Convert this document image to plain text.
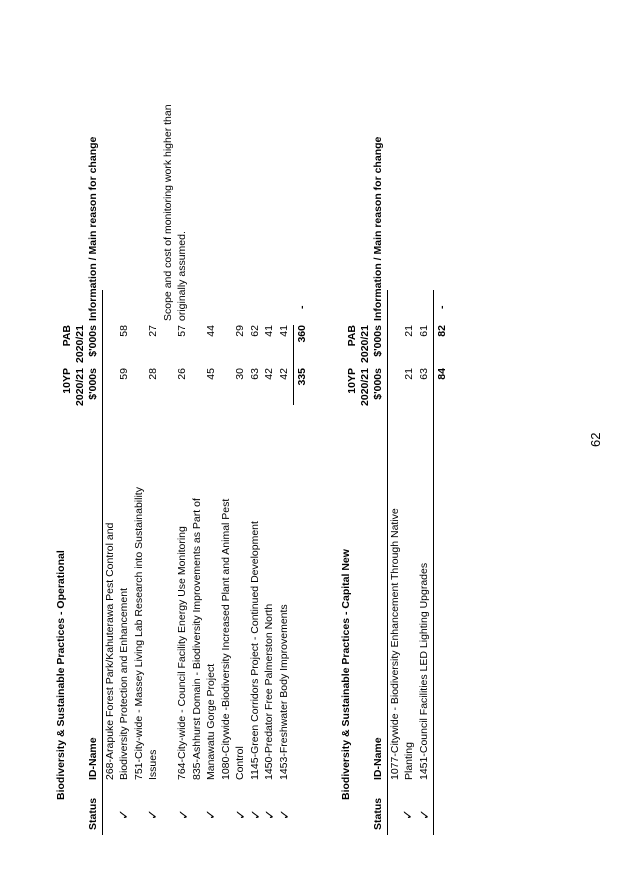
Biodiversity & Sustainable Practices - Operational
Status
ID-Name
10YP 2020/21 $'000s
PAB 2020/21 $'000s
Information / Main reason for change
✓
268-Arapuke Forest Park/Kahuterawa Pest Control and Biodiversity Protection and Enhancement
59
58
✓
751-City-wide - Massey Living Lab Research into Sustainability Issues
28
27
✓
764-City-wide - Council Facility Energy Use Monitoring
26
57
Scope and cost of monitoring work higher than originally assumed.
✓
835-Ashhurst Domain - Biodiversity Improvements as Part of Manawatu Gorge Project
45
44
✓
1080-Citywide -Biodiversity Increased Plant and Animal Pest Control
30
29
✓
1145-Green Corridors Project - Continued Development
63
62
✓
1450-Predator Free Palmerston North
42
41
✓
1453-Freshwater Body Improvements
42
41
335
360
-
Biodiversity & Sustainable Practices - Capital New
Status
ID-Name
10YP 2020/21 $'000s
PAB 2020/21 $'000s
Information / Main reason for change
✓
1077-Citywide - Biodiversity Enhancement Through Native Planting
21
21
✓
1451-Council Facilities LED Lighting Upgrades
63
61
84
82
-
62
